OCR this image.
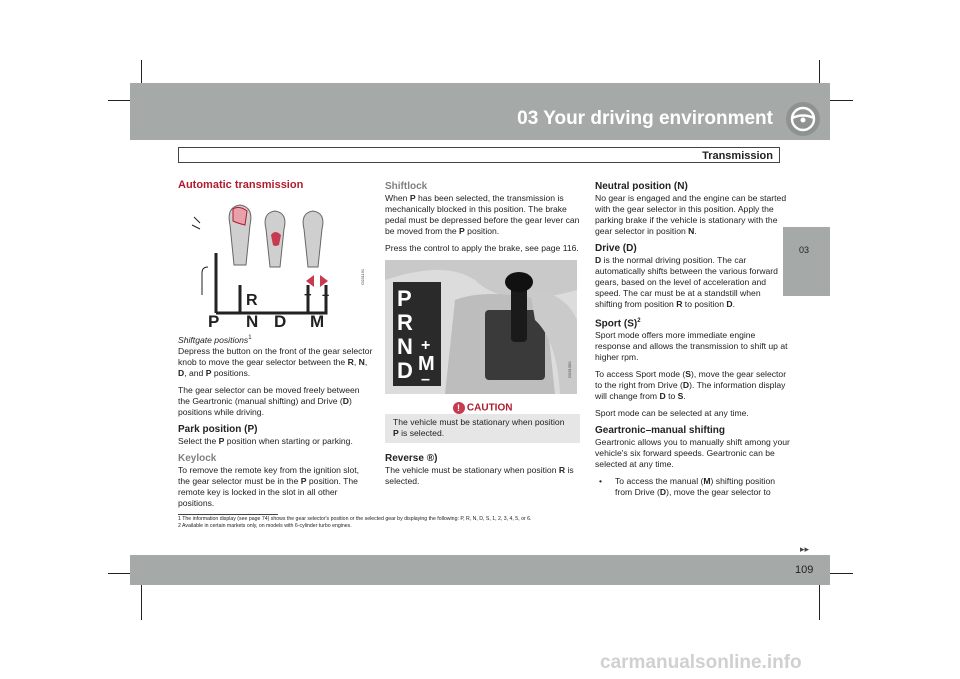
03 Your driving environment
Transmission
03
Automatic transmission
R	+ –
P N D M
G031191

Shiftgate positions$^1$

Depress the button on the front of the gear selector knob to move the gear selector between the R, N, D, and P positions.

The gear selector can be moved freely between the Geartronic (manual shifting) and Drive (D) positions while driving.

Park position (P)

Select the P position when starting or parking.

Keylock

To remove the remote key from the ignition slot, the gear selector must be in the P position. The remote key is locked in the slot in all other positions.

Shiftlock

When P has been selected, the transmission is mechanically blocked in this position. The brake pedal must be depressed before the gear lever can be moved from the P position.

Press the control to apply the brake, see page 116.

P
R
N
D
+
M
–
G031350
! CAUTION
The vehicle must be stationary when position P is selected.
Reverse ®)

The vehicle must be stationary when position R is selected.

Neutral position (N)

No gear is engaged and the engine can be started with the gear selector in this position. Apply the parking brake if the vehicle is stationary with the gear selector in position N.

Drive (D)

D is the normal driving position. The car automatically shifts between the various forward gears, based on the level of acceleration and speed. The car must be at a standstill when shifting from position R to position D.

Sport $(S)^2$

Sport mode offers more immediate engine response and allows the transmission to shift up at higher rpm.

To access Sport mode (S), move the gear selector to the right from Drive (D). The information display will change from D to S.

Sport mode can be selected at any time.

Geartronic–manual shifting

Geartronic allows you to manually shift among your vehicle's six forward speeds. Geartronic can be selected at any time.

•	To access the manual (M) shifting position from Drive (D), move the gear selector to
1 The information display (see page 74) shows the gear selector's position or the selected gear by displaying the following: P, R, N, D, S, 1, 2, 3, 4, 5, or 6.
2 Available in certain markets only, on models with 6-cylinder turbo engines.
▸▸
109
carmanualsonline.info
